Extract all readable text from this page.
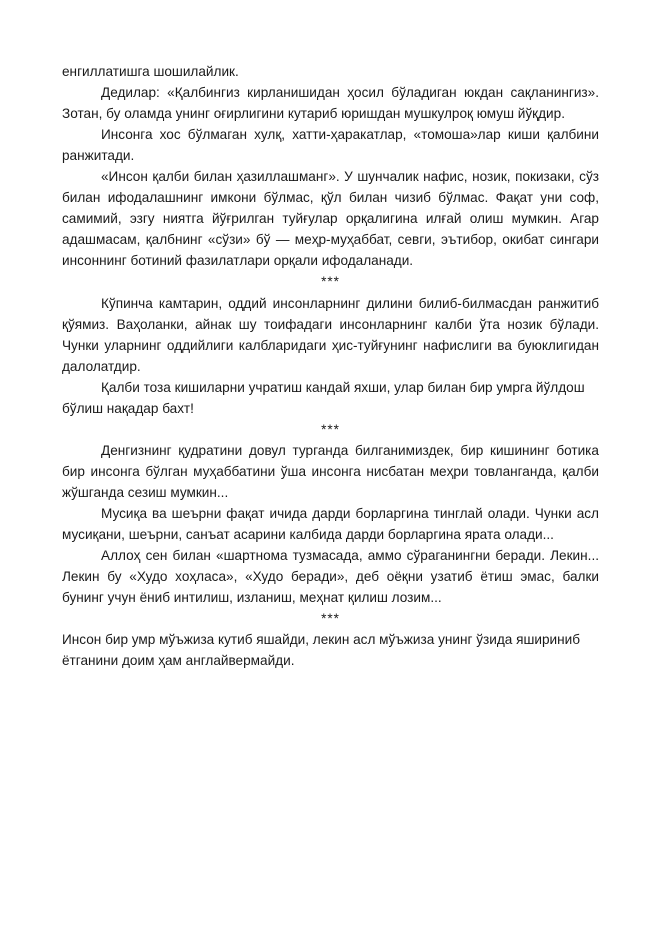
енгиллатишга шошилайлик.

Дедилар: «Қалбингиз кирланишидан ҳосил бўладиган юкдан сақланингиз». Зотан, бу оламда унинг оғирлигини кутариб юришдан мушкулроқ юмуш йўқдир.

Инсонга хос бўлмаган хулқ, хатти-ҳаракатлар, «томоша»лар киши қалбини ранжитади.

«Инсон қалби билан ҳазиллашманг». У шунчалик нафис, нозик, покизаки, сўз билан ифодалашнинг имкони бўлмас, қўл билан чизиб бўлмас. Фақат уни соф, самимий, эзгу ниятга йўғрилган туйғулар орқалигина илғай олиш мумкин. Агар адашмасам, қалбнинг «сўзи» бў — меҳр-муҳаббат, севги, эътибор, окибат сингари инсоннинг ботиний фазилатлари орқали ифодаланади.

***

Кўпинча камтарин, оддий инсонларнинг дилини билиб-билмасдан ранжитиб қўямиз. Ваҳоланки, айнак шу тоифадаги инсонларнинг калби ўта нозик бўлади. Чунки уларнинг оддийлиги калбларидаги ҳис-туйғунинг нафислиги ва буюклигидан далолатдир.

Қалби тоза кишиларни учратиш кандай яхши, улар билан бир умрга йўлдош бўлиш нақадар бахт!

***

Денгизнинг қудратини довул турганда билганимиздек, бир кишининг ботика бир инсонга бўлган муҳаббатини ўша инсонга нисбатан меҳри товланганда, қалби жўшганда сезиш мумкин...

Мусиқа ва шеърни фақат ичида дарди борларгина тинглай олади. Чунки асл мусиқани, шеърни, санъат асарини калбида дарди борларгина ярата олади...

Аллоҳ сен билан «шартнома тузмасада, аммо сўраганингни беради. Лекин... Лекин бу «Худо хоҳласа», «Худо беради», деб оёқни узатиб ётиш эмас, балки бунинг учун ёниб интилиш, изланиш, меҳнат қилиш лозим...

***

Инсон бир умр мўъжиза кутиб яшайди, лекин асл мўъжиза унинг ўзида яшириниб ётганини доим ҳам англайвермайди.
